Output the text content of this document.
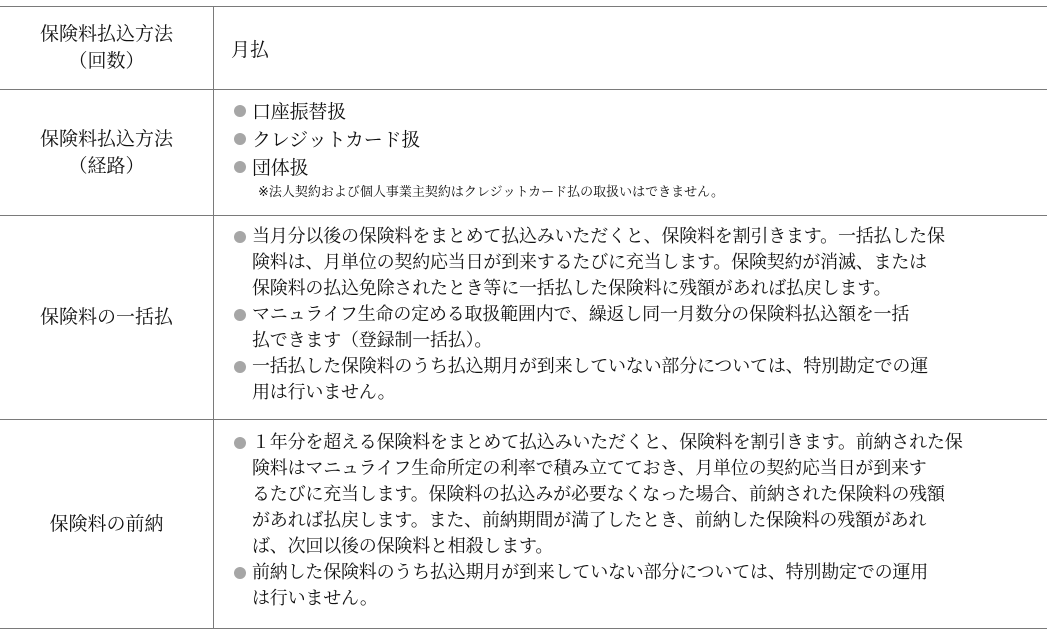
保険料払込方法
（回数）
月払
保険料払込方法
（経路）
口座振替扱
クレジットカード扱
団体扱
※法人契約および個人事業主契約はクレジットカード払の取扱いはできません。
保険料の一括払
当月分以後の保険料をまとめて払込みいただくと、保険料を割引きます。一括払した保
険料は、月単位の契約応当日が到来するたびに充当します。保険契約が消滅、または
保険料の払込免除されたとき等に一括払した保険料に残額があれば払戻します。
マニュライフ生命の定める取扱範囲内で、繰返し同一月数分の保険料払込額を一括
払できます（登録制一括払）。
一括払した保険料のうち払込期月が到来していない部分については、特別勘定での運
用は行いません。
保険料の前納
１年分を超える保険料をまとめて払込みいただくと、保険料を割引きます。前納された保
険料はマニュライフ生命所定の利率で積み立てておき、月単位の契約応当日が到来す
るたびに充当します。保険料の払込みが必要なくなった場合、前納された保険料の残額
があれば払戻します。また、前納期間が満了したとき、前納した保険料の残額があれ
ば、次回以後の保険料と相殺します。
前納した保険料のうち払込期月が到来していない部分については、特別勘定での運用
は行いません。
